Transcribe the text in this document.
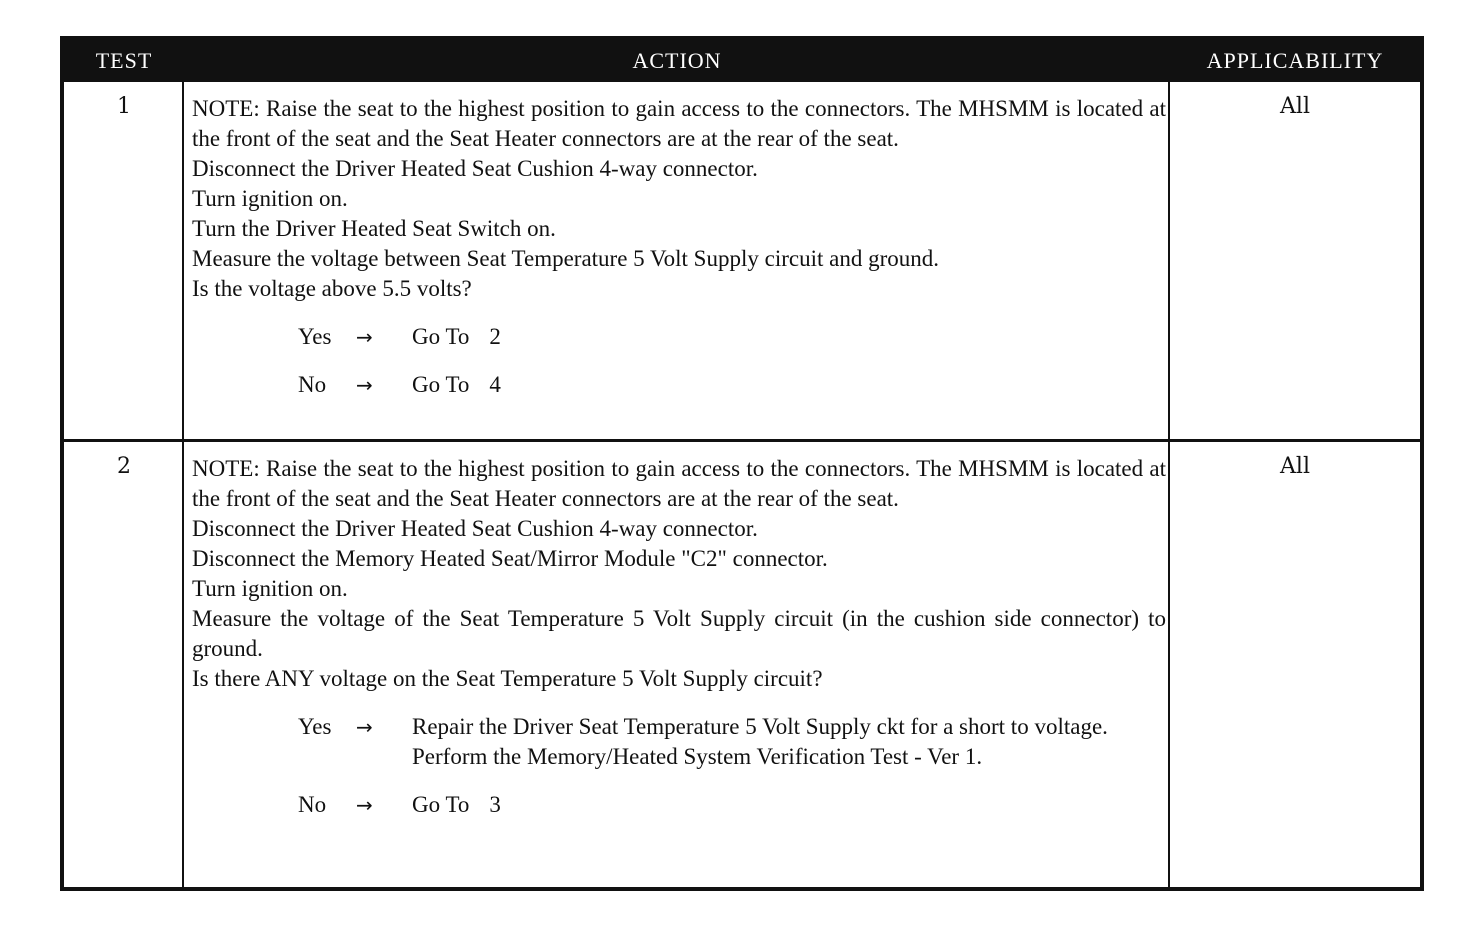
TEST	ACTION	APPLICABILITY
1	NOTE: Raise the seat to the highest position to gain access to the connectors. The MHSMM is located at the front of the seat and the Seat Heater connectors are at the rear of the seat.
Disconnect the Driver Heated Seat Cushion 4-way connector.
Turn ignition on.
Turn the Driver Heated Seat Switch on.
Measure the voltage between Seat Temperature 5 Volt Supply circuit and ground.
Is the voltage above 5.5 volts?
Yes	→	Go To 2
No	→	Go To 4
All
2	NOTE: Raise the seat to the highest position to gain access to the connectors. The MHSMM is located at the front of the seat and the Seat Heater connectors are at the rear of the seat.
Disconnect the Driver Heated Seat Cushion 4-way connector.
Disconnect the Memory Heated Seat/Mirror Module "C2" connector.
Turn ignition on.
Measure the voltage of the Seat Temperature 5 Volt Supply circuit (in the cushion side connector) to ground.
Is there ANY voltage on the Seat Temperature 5 Volt Supply circuit?
Yes	→	Repair the Driver Seat Temperature 5 Volt Supply ckt for a short to voltage.
Perform the Memory/Heated System Verification Test - Ver 1.
No	→	Go To 3
All
